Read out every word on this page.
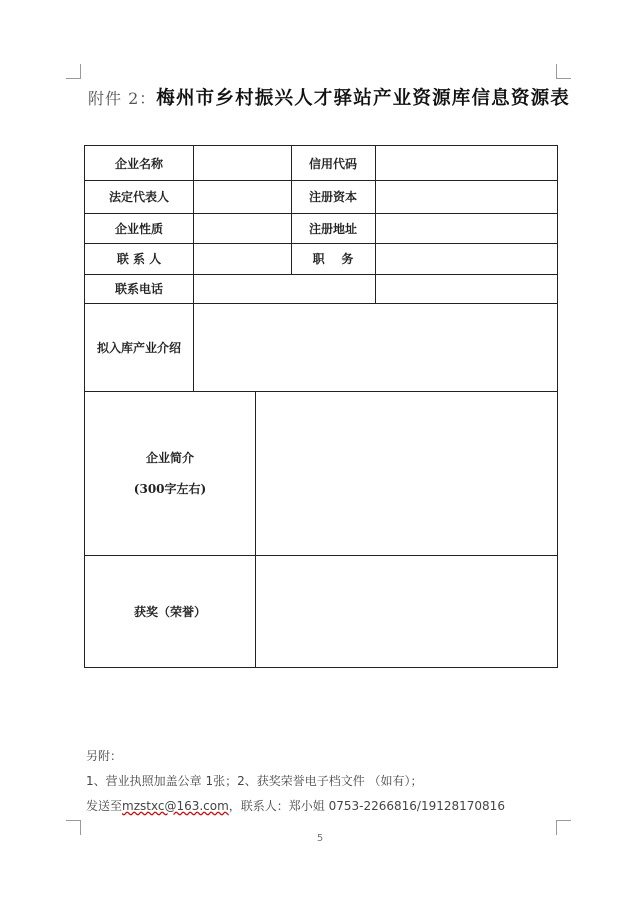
附件 2：梅州市乡村振兴人才驿站产业资源库信息资源表
企业名称	信用代码
法定代表人	注册资本
企业性质	注册地址
联 系 人	职    务
联系电话
拟入库产业介绍
企业简介
(300字左右)
获奖（荣誉）
另附：
1、营业执照加盖公章 1张；2、获奖荣誉电子档文件 （如有）；
发送至mzstxc@163.com，联系人：郑小姐 0753-2266816/19128170816
5
